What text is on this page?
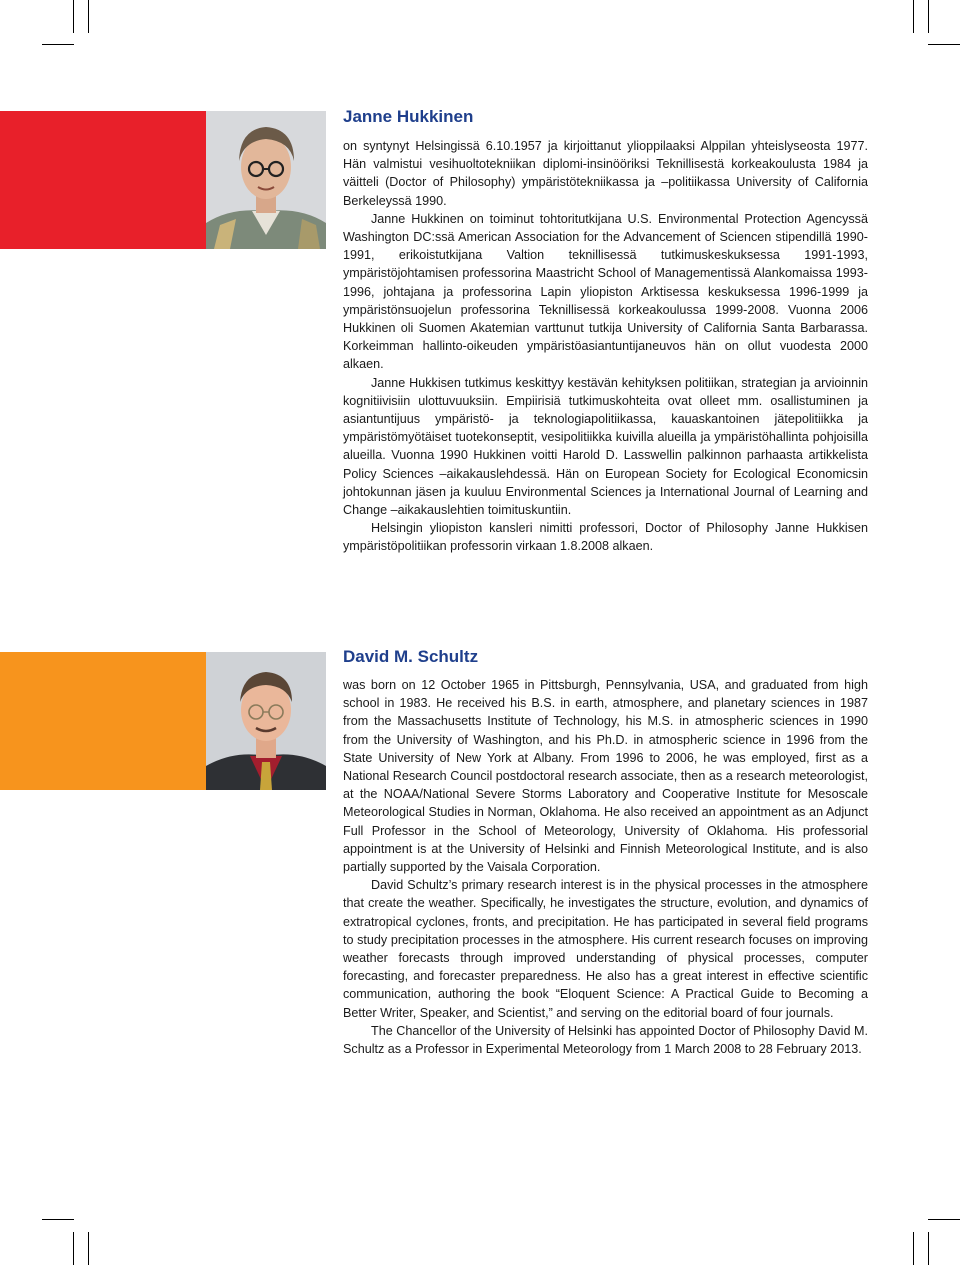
Janne Hukkinen

on syntynyt Helsingissä 6.10.1957 ja kirjoittanut ylioppilaaksi Alppilan yhteislyseosta 1977. Hän valmistui vesihuoltotekniikan diplomi-insinööriksi Teknillisestä korkeakoulusta 1984 ja väitteli (Doctor of Philosophy) ympäristötekniikassa ja –politiikassa University of California Berkeleyssä 1990.

Janne Hukkinen on toiminut tohtoritutkijana U.S. Environmental Protection Agencyssä Washington DC:ssä American Association for the Advancement of Sciencen stipendillä 1990-1991, erikoistutkijana Valtion teknillisessä tutkimuskeskuksessa 1991-1993, ympäristöjohtamisen professorina Maastricht School of Managementissä Alankomaissa 1993-1996, johtajana ja professorina Lapin yliopiston Arktisessa keskuksessa 1996-1999 ja ympäristönsuojelun professorina Teknillisessä korkeakoulussa 1999-2008. Vuonna 2006 Hukkinen oli Suomen Akatemian varttunut tutkija University of California Santa Barbarassa. Korkeimman hallinto-oikeuden ympäristöasiantuntijaneuvos hän on ollut vuodesta 2000 alkaen.

Janne Hukkisen tutkimus keskittyy kestävän kehityksen politiikan, strategian ja arvioinnin kognitiivisiin ulottuvuuksiin. Empiirisiä tutkimuskohteita ovat olleet mm. osallistuminen ja asiantuntijuus ympäristö- ja teknologiapolitiikassa, kauaskantoinen jätepolitiikka ja ympäristömyötäiset tuotekonseptit, vesipolitiikka kuivilla alueilla ja ympäristöhallinta pohjoisilla alueilla. Vuonna 1990 Hukkinen voitti Harold D. Lasswellin palkinnon parhaasta artikkelista Policy Sciences –aikakauslehdessä. Hän on European Society for Ecological Economicsin johtokunnan jäsen ja kuuluu Environmental Sciences ja International Journal of Learning and Change –aikakauslehtien toimituskuntiin.

Helsingin yliopiston kansleri nimitti professori, Doctor of Philosophy Janne Hukkisen ympäristöpolitiikan professorin virkaan 1.8.2008 alkaen.

David M. Schultz

was born on 12 October 1965 in Pittsburgh, Pennsylvania, USA, and graduated from high school in 1983. He received his B.S. in earth, atmosphere, and planetary sciences in 1987 from the Massachusetts Institute of Technology, his M.S. in atmospheric sciences in 1990 from the University of Washington, and his Ph.D. in atmospheric science in 1996 from the State University of New York at Albany. From 1996 to 2006, he was employed, first as a National Research Council postdoctoral research associate, then as a research meteorologist, at the NOAA/National Severe Storms Laboratory and Cooperative Institute for Mesoscale Meteorological Studies in Norman, Oklahoma. He also received an appointment as an Adjunct Full Professor in the School of Meteorology, University of Oklahoma. His professorial appointment is at the University of Helsinki and Finnish Meteorological Institute, and is also partially supported by the Vaisala Corporation.

David Schultz’s primary research interest is in the physical processes in the atmosphere that create the weather. Specifically, he investigates the structure, evolution, and dynamics of extratropical cyclones, fronts, and precipitation. He has participated in several field programs to study precipitation processes in the atmosphere. His current research focuses on improving weather forecasts through improved understanding of physical processes, computer forecasting, and forecaster preparedness. He also has a great interest in effective scientific communication, authoring the book “Eloquent Science: A Practical Guide to Becoming a Better Writer, Speaker, and Scientist,” and serving on the editorial board of four journals.

The Chancellor of the University of Helsinki has appointed Doctor of Philosophy David M. Schultz as a Professor in Experimental Meteorology from 1 March 2008 to 28 February 2013.
